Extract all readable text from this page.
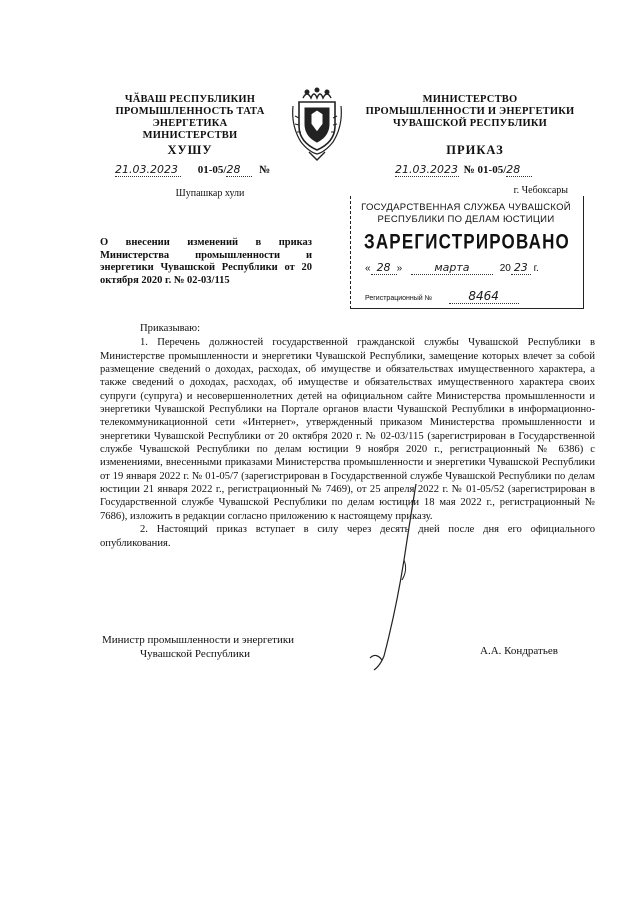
ЧӐВАШ РЕСПУБЛИКИН
ПРОМЫШЛЕННОСТЬ ТАТА ЭНЕРГЕТИКА
МИНИСТЕРСТВИ
ХУШУ
21.03.2023 01-05/28 №
Шупашкар хули
МИНИСТЕРСТВО
ПРОМЫШЛЕННОСТИ И ЭНЕРГЕТИКИ
ЧУВАШСКОЙ РЕСПУБЛИКИ
ПРИКАЗ
21.03.2023 № 01-05/28
г. Чебоксары
ГОСУДАРСТВЕННАЯ СЛУЖБА ЧУВАШСКОЙ РЕСПУБЛИКИ ПО ДЕЛАМ ЮСТИЦИИ
ЗАРЕГИСТРИРОВАНО
« 28 »	марта	20 23 г.
Регистрационный №	8464
О внесении изменений в приказ Министерства промышленности и энергетики Чувашской Республики от 20 октября 2020 г. № 02-03/115

Приказываю:

1. Перечень должностей государственной гражданской службы Чувашской Республики в Министерстве промышленности и энергетики Чувашской Республики, замещение которых влечет за собой размещение сведений о доходах, расходах, об имуществе и обязательствах имущественного характера, а также сведений о доходах, расходах, об имуществе и обязательствах имущественного характера своих супруги (супруга) и несовершеннолетних детей на официальном сайте Министерства промышленности и энергетики Чувашской Республики на Портале органов власти Чувашской Республики в информационно-телекоммуникационной сети «Интернет», утвержденный приказом Министерства промышленности и энергетики Чувашской Республики от 20 октября 2020 г. № 02-03/115 (зарегистрирован в Государственной службе Чувашской Республики по делам юстиции 9 ноября 2020 г., регистрационный № 6386) с изменениями, внесенными приказами Министерства промышленности и энергетики Чувашской Республики от 19 января 2022 г. № 01-05/7 (зарегистрирован в Государственной службе Чувашской Республики по делам юстиции 21 января 2022 г., регистрационный № 7469), от 25 апреля 2022 г. № 01-05/52 (зарегистрирован в Государственной службе Чувашской Республики по делам юстиции 18 мая 2022 г., регистрационный № 7686), изложить в редакции согласно приложению к настоящему приказу.

2. Настоящий приказ вступает в силу через десять дней после дня его официального опубликования.

Министр промышленности и энергетики
Чувашской Республики	А.А. Кондратьев
